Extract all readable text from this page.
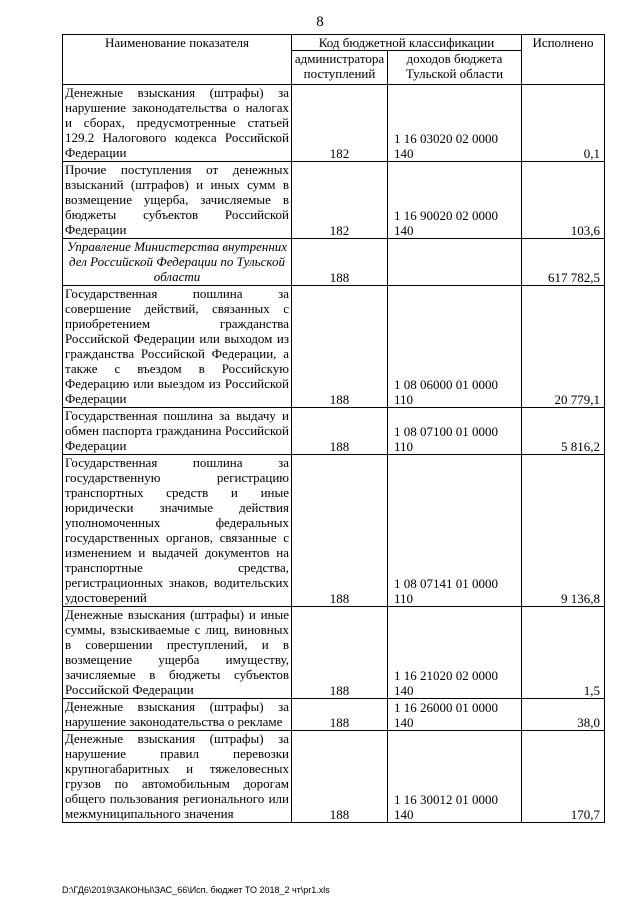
8
Наименование показателя	Код бюджетной классификации		Исполнено
	администратора поступлений	доходов бюджета Тульской области	
Денежные взыскания (штрафы) за нарушение законодательства о налогах и сборах, предусмотренные статьей 129.2 Налогового кодекса Российской Федерации	182	1 16 03020 02 0000 140	0,1
Прочие поступления от денежных взысканий (штрафов) и иных сумм в возмещение ущерба, зачисляемые в бюджеты субъектов Российской Федерации	182	1 16 90020 02 0000 140	103,6
Управление Министерства внутренних дел Российской Федерации по Тульской области	188		617 782,5
Государственная пошлина за совершение действий, связанных с приобретением гражданства Российской Федерации или выходом из гражданства Российской Федерации, а также с въездом в Российскую Федерацию или выездом из Российской Федерации	188	1 08 06000 01 0000 110	20 779,1
Государственная пошлина за выдачу и обмен паспорта гражданина Российской Федерации	188	1 08 07100 01 0000 110	5 816,2
Государственная пошлина за государственную регистрацию транспортных средств и иные юридически значимые действия уполномоченных федеральных государственных органов, связанные с изменением и выдачей документов на транспортные средства, регистрационных знаков, водительских удостоверений	188	1 08 07141 01 0000 110	9 136,8
Денежные взыскания (штрафы) и иные суммы, взыскиваемые с лиц, виновных в совершении преступлений, и в возмещение ущерба имуществу, зачисляемые в бюджеты субъектов Российской Федерации	188	1 16 21020 02 0000 140	1,5
Денежные взыскания (штрафы) за нарушение законодательства о рекламе	188	1 16 26000 01 0000 140	38,0
Денежные взыскания (штрафы) за нарушение правил перевозки крупногабаритных и тяжеловесных грузов по автомобильным дорогам общего пользования регионального или межмуниципального значения	188	1 16 30012 01 0000 140	170,7
D:\ГД6\2019\ЗАКОНЫ\ЗАС_66\Исп. бюджет ТО 2018_2 чт\pr1.xls
